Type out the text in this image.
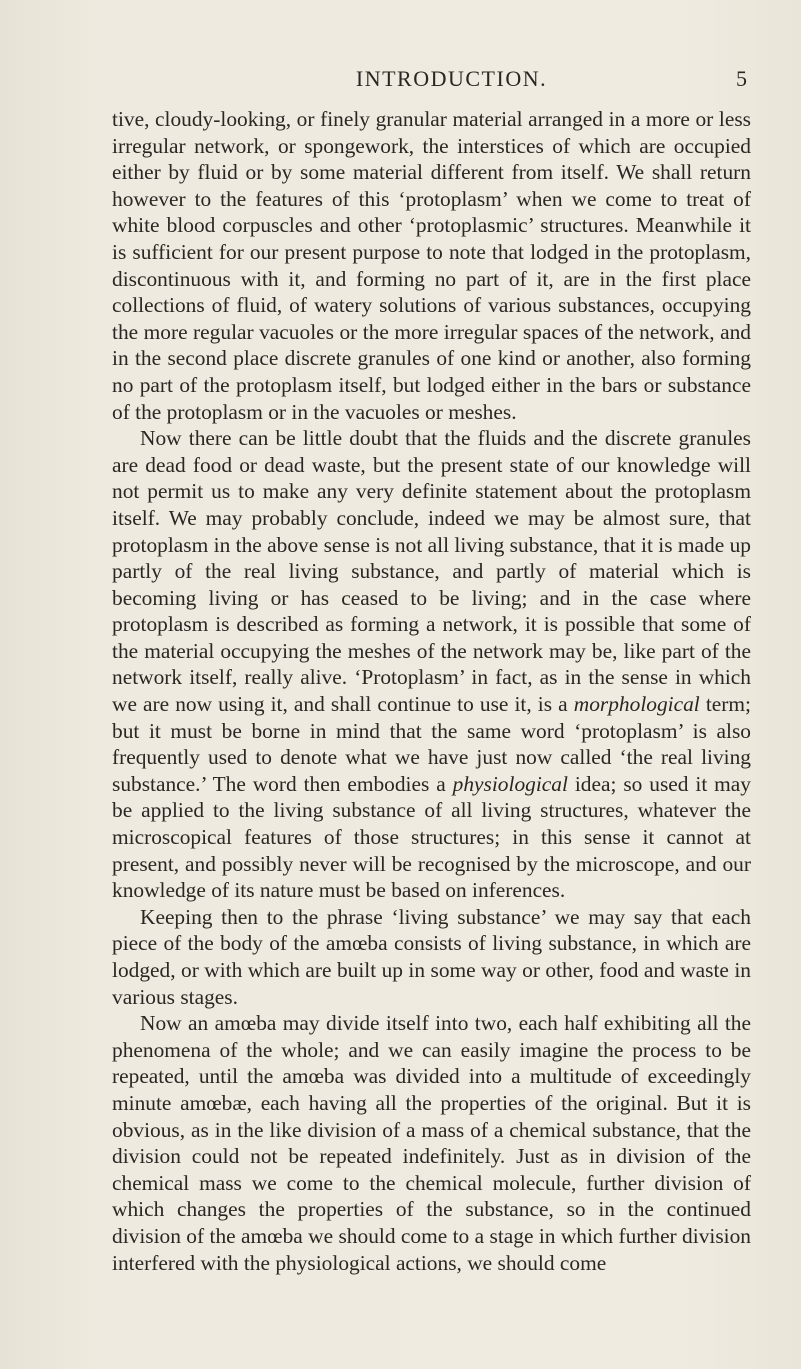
INTRODUCTION.	5

tive, cloudy-looking, or finely granular material arranged in a more or less irregular network, or spongework, the interstices of which are occupied either by fluid or by some material different from itself. We shall return however to the features of this ‘protoplasm’ when we come to treat of white blood corpuscles and other ‘protoplasmic’ structures. Meanwhile it is sufficient for our present purpose to note that lodged in the protoplasm, discontinuous with it, and forming no part of it, are in the first place collections of fluid, of watery solutions of various substances, occupying the more regular vacuoles or the more irregular spaces of the network, and in the second place discrete granules of one kind or another, also forming no part of the protoplasm itself, but lodged either in the bars or substance of the protoplasm or in the vacuoles or meshes.

Now there can be little doubt that the fluids and the discrete granules are dead food or dead waste, but the present state of our knowledge will not permit us to make any very definite statement about the protoplasm itself. We may probably conclude, indeed we may be almost sure, that protoplasm in the above sense is not all living substance, that it is made up partly of the real living substance, and partly of material which is becoming living or has ceased to be living; and in the case where protoplasm is described as forming a network, it is possible that some of the material occupying the meshes of the network may be, like part of the network itself, really alive. ‘Protoplasm’ in fact, as in the sense in which we are now using it, and shall continue to use it, is a morphological term; but it must be borne in mind that the same word ‘protoplasm’ is also frequently used to denote what we have just now called ‘the real living substance.’ The word then embodies a physiological idea; so used it may be applied to the living substance of all living structures, whatever the microscopical features of those structures; in this sense it cannot at present, and possibly never will be recognised by the microscope, and our knowledge of its nature must be based on inferences.

Keeping then to the phrase ‘living substance’ we may say that each piece of the body of the amœba consists of living substance, in which are lodged, or with which are built up in some way or other, food and waste in various stages.

Now an amœba may divide itself into two, each half exhibiting all the phenomena of the whole; and we can easily imagine the process to be repeated, until the amœba was divided into a multitude of exceedingly minute amœbæ, each having all the properties of the original. But it is obvious, as in the like division of a mass of a chemical substance, that the division could not be repeated indefinitely. Just as in division of the chemical mass we come to the chemical molecule, further division of which changes the properties of the substance, so in the continued division of the amœba we should come to a stage in which further division interfered with the physiological actions, we should come
